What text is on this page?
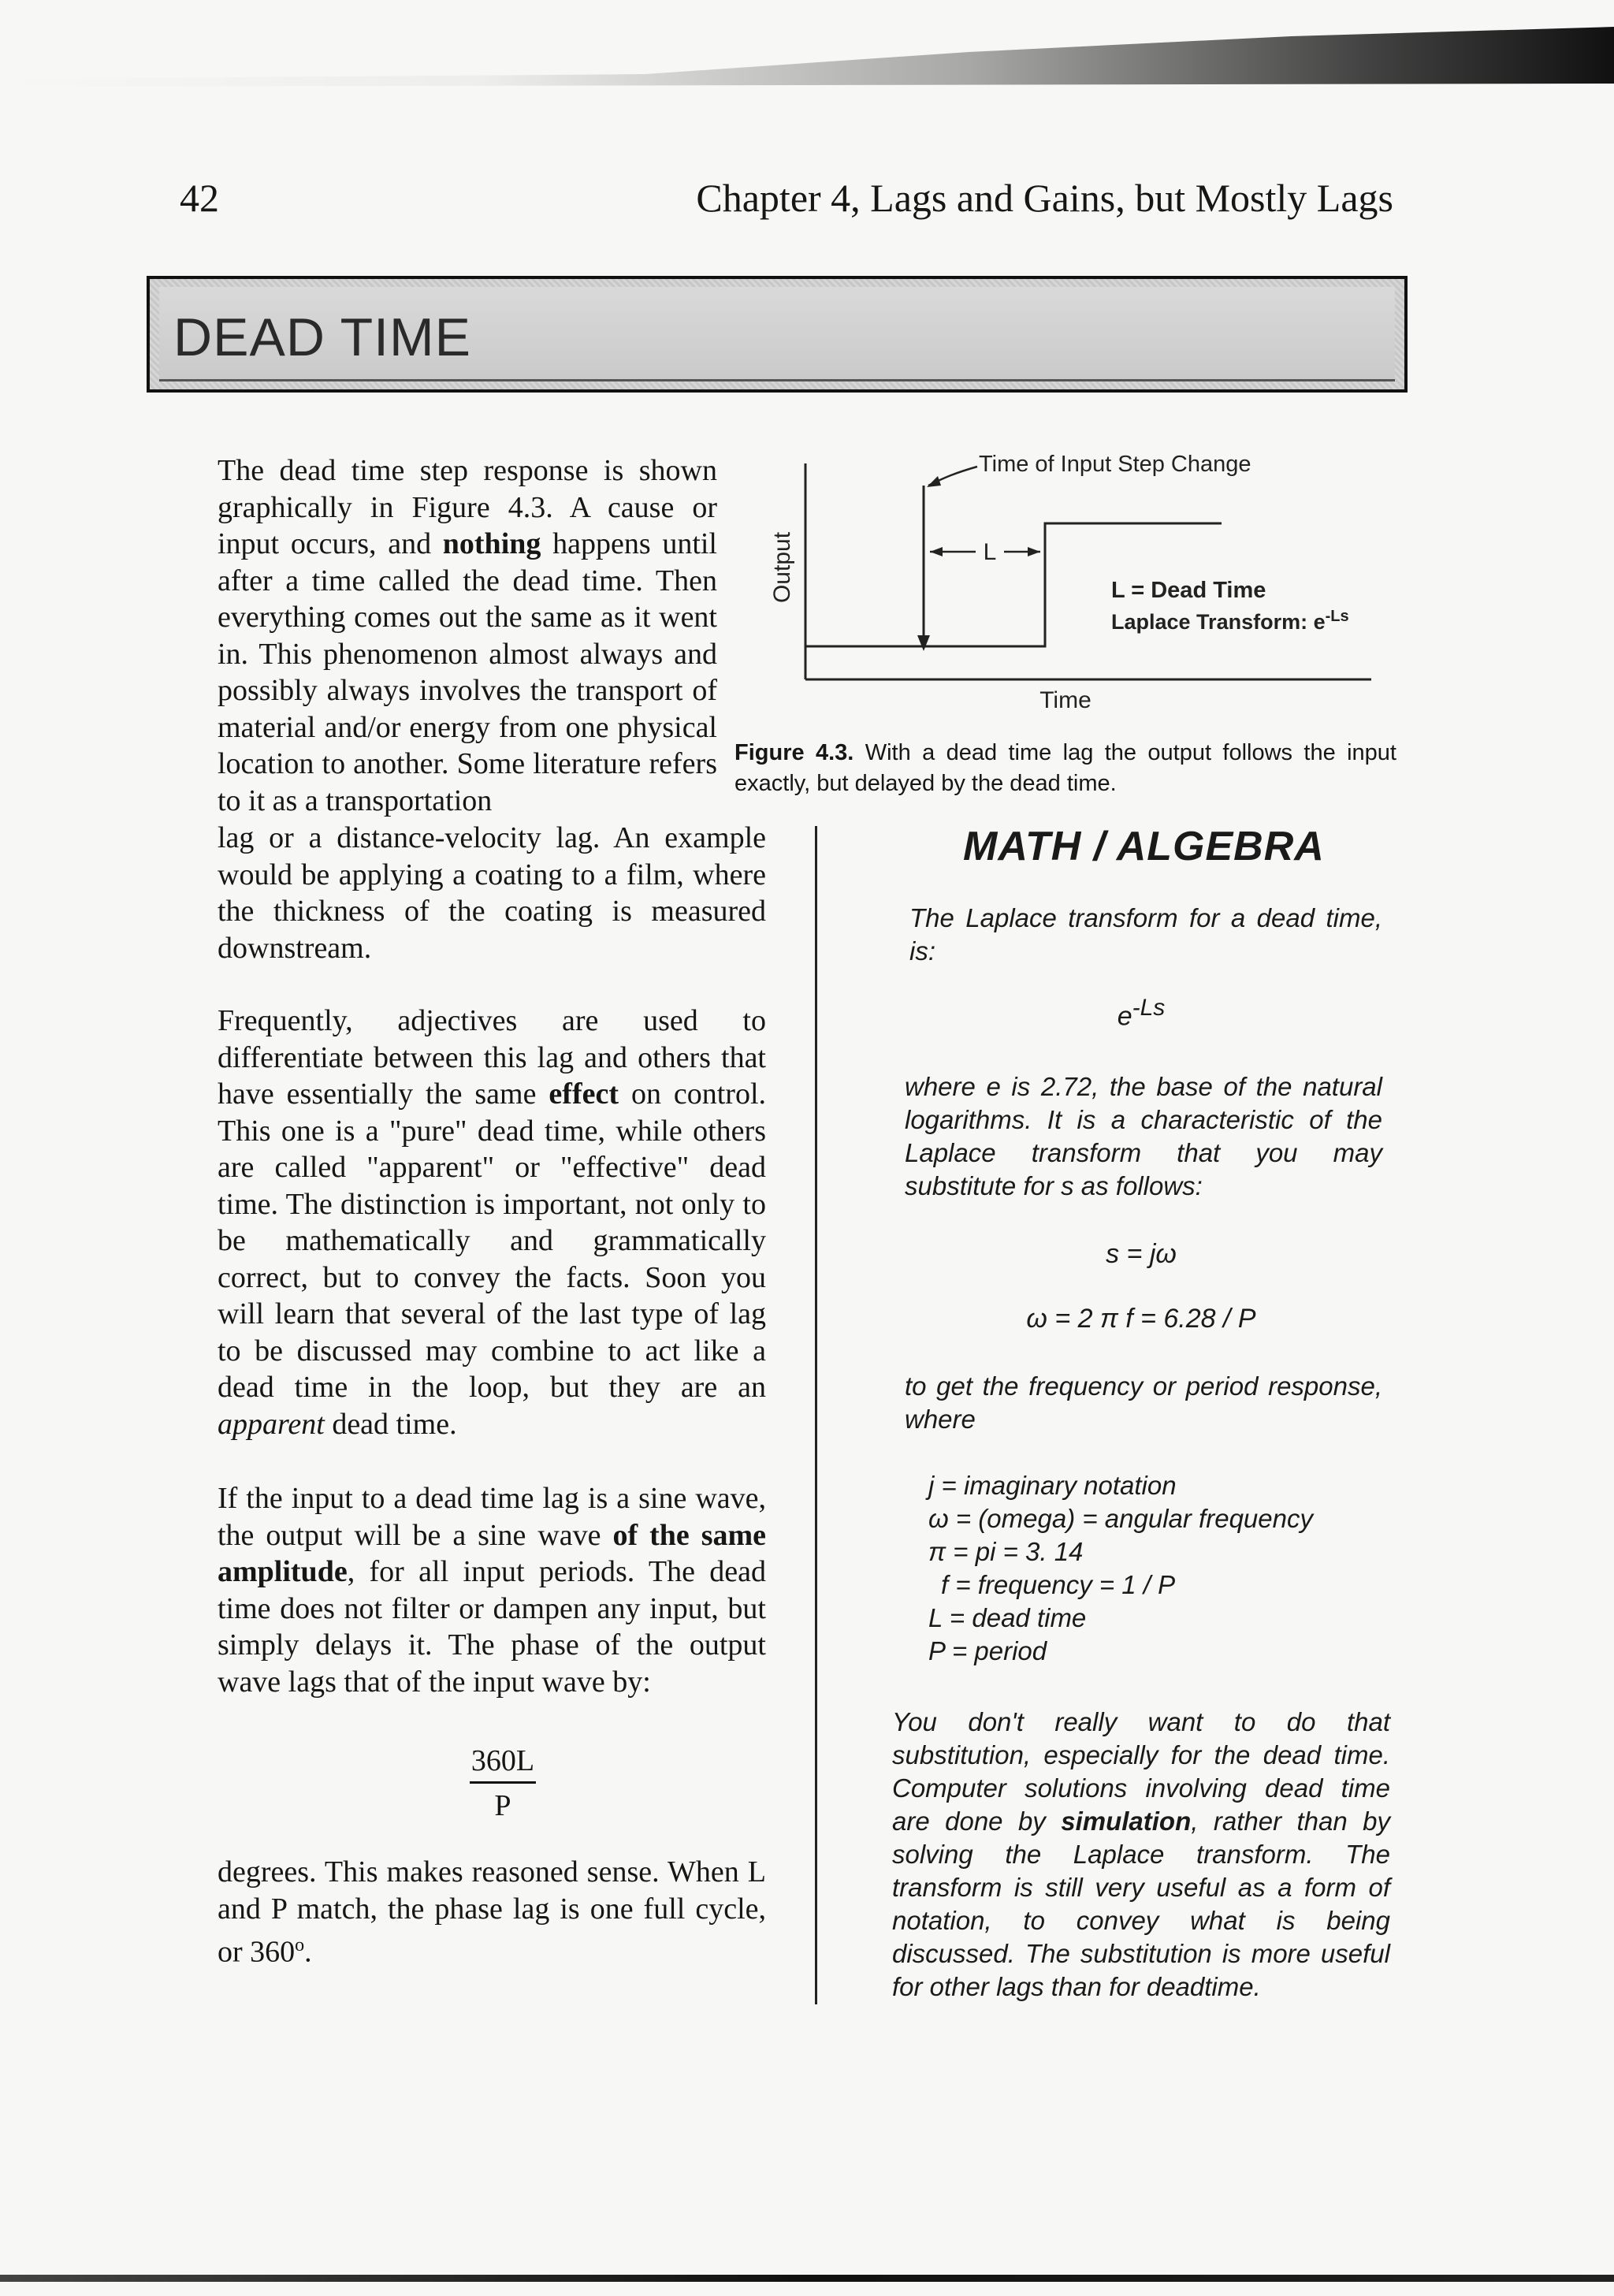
42	Chapter 4, Lags and Gains, but Mostly Lags
DEAD TIME

The dead time step response is shown graphically in Figure 4.3. A cause or input occurs, and nothing happens until after a time called the dead time. Then everything comes out the same as it went in. This phenomenon almost always and possibly always involves the transport of material and/or energy from one physical location to another. Some literature refers to it as a transportation

lag or a distance-velocity lag. An example would be applying a coating to a film, where the thickness of the coating is measured downstream.

Frequently, adjectives are used to differentiate between this lag and others that have essentially the same effect on control. This one is a "pure" dead time, while others are called "apparent" or "effective" dead time. The distinction is important, not only to be mathematically and grammatically correct, but to convey the facts. Soon you will learn that several of the last type of lag to be discussed may combine to act like a dead time in the loop, but they are an apparent dead time.

If the input to a dead time lag is a sine wave, the output will be a sine wave of the same amplitude, for all input periods. The dead time does not filter or dampen any input, but simply delays it. The phase of the output wave lags that of the input wave by:

$\frac{360L}{P}$

degrees. This makes reasoned sense. When L and P match, the phase lag is one full cycle, or 360$^o$.

Output
Time of Input Step Change
L
L = Dead Time
Laplace Transform: $e^{-Ls}$
Time

Figure 4.3. With a dead time lag the output follows the input exactly, but delayed by the dead time.

MATH / ALGEBRA

The Laplace transform for a dead time, is:

$e^{-Ls}$

where e is 2.72, the base of the natural logarithms. It is a characteristic of the Laplace transform that you may substitute for s as follows:

s = jω
ω = 2 π f = 6.28 / P

to get the frequency or period response, where

j = imaginary notation
ω = (omega) = angular frequency
π = pi = 3. 14
f = frequency = 1 / P
L = dead time
P = period

You don't really want to do that substitution, especially for the dead time. Computer solutions involving dead time are done by simulation, rather than by solving the Laplace transform. The transform is still very useful as a form of notation, to convey what is being discussed. The substitution is more useful for other lags than for deadtime.
